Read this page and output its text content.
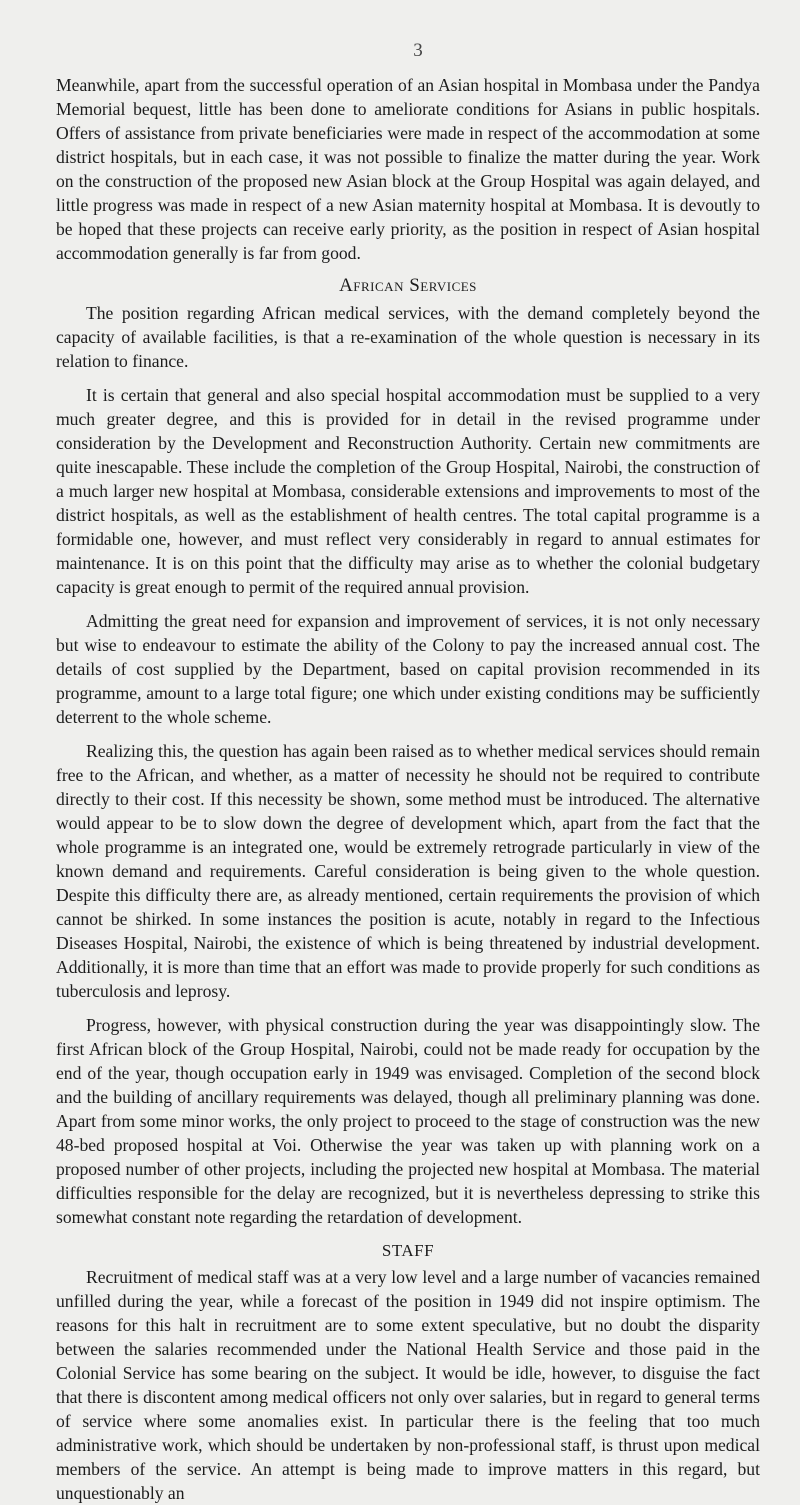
3

Meanwhile, apart from the successful operation of an Asian hospital in Mombasa under the Pandya Memorial bequest, little has been done to ameliorate conditions for Asians in public hospitals. Offers of assistance from private beneficiaries were made in respect of the accommodation at some district hospitals, but in each case, it was not possible to finalize the matter during the year. Work on the construction of the proposed new Asian block at the Group Hospital was again delayed, and little progress was made in respect of a new Asian maternity hospital at Mombasa. It is devoutly to be hoped that these projects can receive early priority, as the position in respect of Asian hospital accommodation generally is far from good.

African Services

The position regarding African medical services, with the demand completely beyond the capacity of available facilities, is that a re-examination of the whole question is necessary in its relation to finance.

It is certain that general and also special hospital accommodation must be supplied to a very much greater degree, and this is provided for in detail in the revised programme under consideration by the Development and Reconstruction Authority. Certain new commitments are quite inescapable. These include the completion of the Group Hospital, Nairobi, the construction of a much larger new hospital at Mombasa, considerable extensions and improvements to most of the district hospitals, as well as the establishment of health centres. The total capital programme is a formidable one, however, and must reflect very considerably in regard to annual estimates for maintenance. It is on this point that the difficulty may arise as to whether the colonial budgetary capacity is great enough to permit of the required annual provision.

Admitting the great need for expansion and improvement of services, it is not only necessary but wise to endeavour to estimate the ability of the Colony to pay the increased annual cost. The details of cost supplied by the Department, based on capital provision recommended in its programme, amount to a large total figure; one which under existing conditions may be sufficiently deterrent to the whole scheme.

Realizing this, the question has again been raised as to whether medical services should remain free to the African, and whether, as a matter of necessity he should not be required to contribute directly to their cost. If this necessity be shown, some method must be introduced. The alternative would appear to be to slow down the degree of development which, apart from the fact that the whole programme is an integrated one, would be extremely retrograde particularly in view of the known demand and requirements. Careful consideration is being given to the whole question. Despite this difficulty there are, as already mentioned, certain requirements the provision of which cannot be shirked. In some instances the position is acute, notably in regard to the Infectious Diseases Hospital, Nairobi, the existence of which is being threatened by industrial development. Additionally, it is more than time that an effort was made to provide properly for such conditions as tuberculosis and leprosy.

Progress, however, with physical construction during the year was disappointingly slow. The first African block of the Group Hospital, Nairobi, could not be made ready for occupation by the end of the year, though occupation early in 1949 was envisaged. Completion of the second block and the building of ancillary requirements was delayed, though all preliminary planning was done. Apart from some minor works, the only project to proceed to the stage of construction was the new 48-bed proposed hospital at Voi. Otherwise the year was taken up with planning work on a proposed number of other projects, including the projected new hospital at Mombasa. The material difficulties responsible for the delay are recognized, but it is nevertheless depressing to strike this somewhat constant note regarding the retardation of development.

STAFF

Recruitment of medical staff was at a very low level and a large number of vacancies remained unfilled during the year, while a forecast of the position in 1949 did not inspire optimism. The reasons for this halt in recruitment are to some extent speculative, but no doubt the disparity between the salaries recommended under the National Health Service and those paid in the Colonial Service has some bearing on the subject. It would be idle, however, to disguise the fact that there is discontent among medical officers not only over salaries, but in regard to general terms of service where some anomalies exist. In particular there is the feeling that too much administrative work, which should be undertaken by non-professional staff, is thrust upon medical members of the service. An attempt is being made to improve matters in this regard, but unquestionably an
